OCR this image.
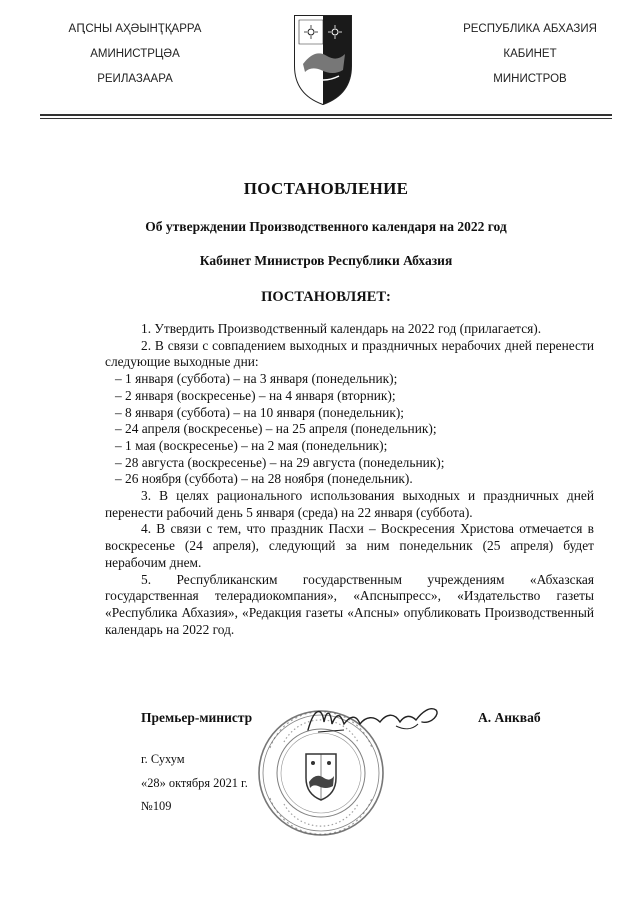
АԤСНЫ АҲӘЫНҬҚАРРА
АМИНИСТРЦӘА
РЕИЛАЗААРА
РЕСПУБЛИКА АБХАЗИЯ
КАБИНЕТ
МИНИСТРОВ
ПОСТАНОВЛЕНИЕ
Об утверждении Производственного календаря на 2022 год
Кабинет Министров Республики Абхазия
ПОСТАНОВЛЯЕТ:

1. Утвердить Производственный календарь на 2022 год (прилагается).

2. В связи с совпадением выходных и праздничных нерабочих дней перенести следующие выходные дни:

– 1 января (суббота) – на 3 января (понедельник);

– 2 января (воскресенье) – на 4 января (вторник);

– 8 января (суббота) – на 10 января (понедельник);

– 24 апреля (воскресенье) – на 25 апреля (понедельник);

– 1 мая (воскресенье) – на 2 мая (понедельник);

– 28 августа (воскресенье) – на 29 августа (понедельник);

– 26 ноября (суббота) – на 28 ноября (понедельник).

3. В целях рационального использования выходных и праздничных дней перенести рабочий день 5 января (среда) на 22 января (суббота).

4. В связи с тем, что праздник Пасхи – Воскресения Христова отмечается в воскресенье (24 апреля), следующий за ним понедельник (25 апреля) будет нерабочим днем.

5. Республиканским государственным учреждениям «Абхазская государственная телерадиокомпания», «Апсныпресс», «Издательство газеты «Республика Абхазия», «Редакция газеты «Апсны» опубликовать Производственный календарь на 2022 год.

Премьер-министр	А. Анкваб
г. Сухум
«28» октября 2021 г.
№109
